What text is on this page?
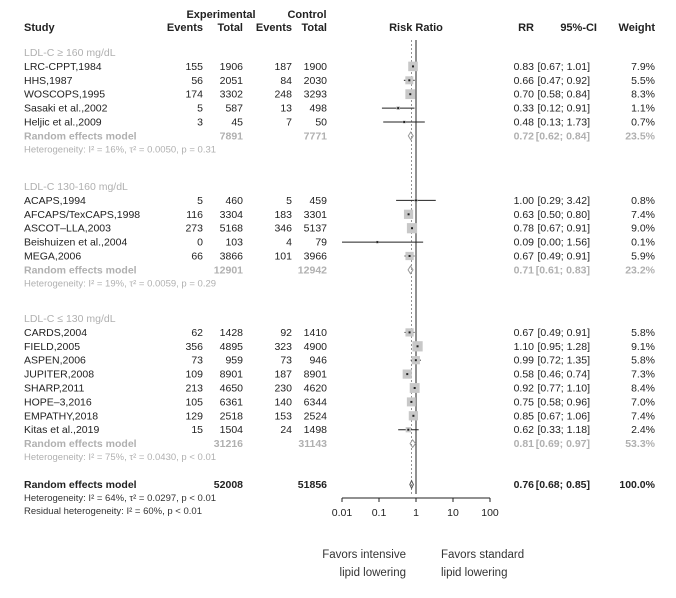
Experimental	Control
Study	Events Total Events Total	Risk Ratio	RR 95%-CI Weight
LDL-C ≥ 160 mg/dL
LRC-CPPT,1984	155 1906	187 1900	0.83 [0.67; 1.01]	7.9%
HHS,1987	56 2051	84 2030	0.66 [0.47; 0.92]	5.5%
WOSCOPS,1995	174 3302	248 3293	0.70 [0.58; 0.84]	8.3%
Sasaki et al.,2002	5 587	13 498	0.33 [0.12; 0.91]	1.1%
Heljic et al.,2009	3	45	7 50	0.48 [0.13; 1.73]	0.7%
Random effects model	7891	7771	0.72 [0.62; 0.84]	23.5%
Heterogeneity: I² = 16%, τ² = 0.0050, p = 0.31
LDL-C 130-160 mg/dL
ACAPS,1994	5 460	5 459	1.00 [0.29; 3.42]	0.8%
AFCAPS/TexCAPS,1998	116 3304	183 3301	0.63 [0.50; 0.80]	7.4%
ASCOT–LLA,2003	273 5168	346 5137	0.78 [0.67; 0.91]	9.0%
Beishuizen et al.,2004	0 103	4 79	0.09 [0.00; 1.56]	0.1%
MEGA,2006	66 3866	101 3966	0.67 [0.49; 0.91]	5.9%
Random effects model	12901	12942	0.71 [0.61; 0.83]	23.2%
Heterogeneity: I² = 19%, τ² = 0.0059, p = 0.29
LDL-C ≤ 130 mg/dL
CARDS,2004	62 1428	92 1410	0.67 [0.49; 0.91]	5.8%
FIELD,2005	356 4895	323 4900	1.10 [0.95; 1.28]	9.1%
ASPEN,2006	73 959	73 946	0.99 [0.72; 1.35]	5.8%
JUPITER,2008	109 8901	187 8901	0.58 [0.46; 0.74]	7.3%
SHARP,2011	213 4650	230 4620	0.92 [0.77; 1.10]	8.4%
HOPE–3,2016	105 6361	140 6344	0.75 [0.58; 0.96]	7.0%
EMPATHY,2018	129 2518	153 2524	0.85 [0.67; 1.06]	7.4%
Kitas et al.,2019	15 1504	24 1498	0.62 [0.33; 1.18]	2.4%
Random effects model	31216	31143	0.81 [0.69; 0.97]	53.3%
Heterogeneity: I² = 75%, τ² = 0.0430, p < 0.01
Random effects model	52008	51856	0.76 [0.68; 0.85]	100.0%
Heterogeneity: I² = 64%, τ² = 0.0297, p < 0.01
Residual heterogeneity: I² = 60%, p < 0.01	0.01 0.1	1	10 100
Favors intensive
lipid lowering
Favors standard
lipid lowering
